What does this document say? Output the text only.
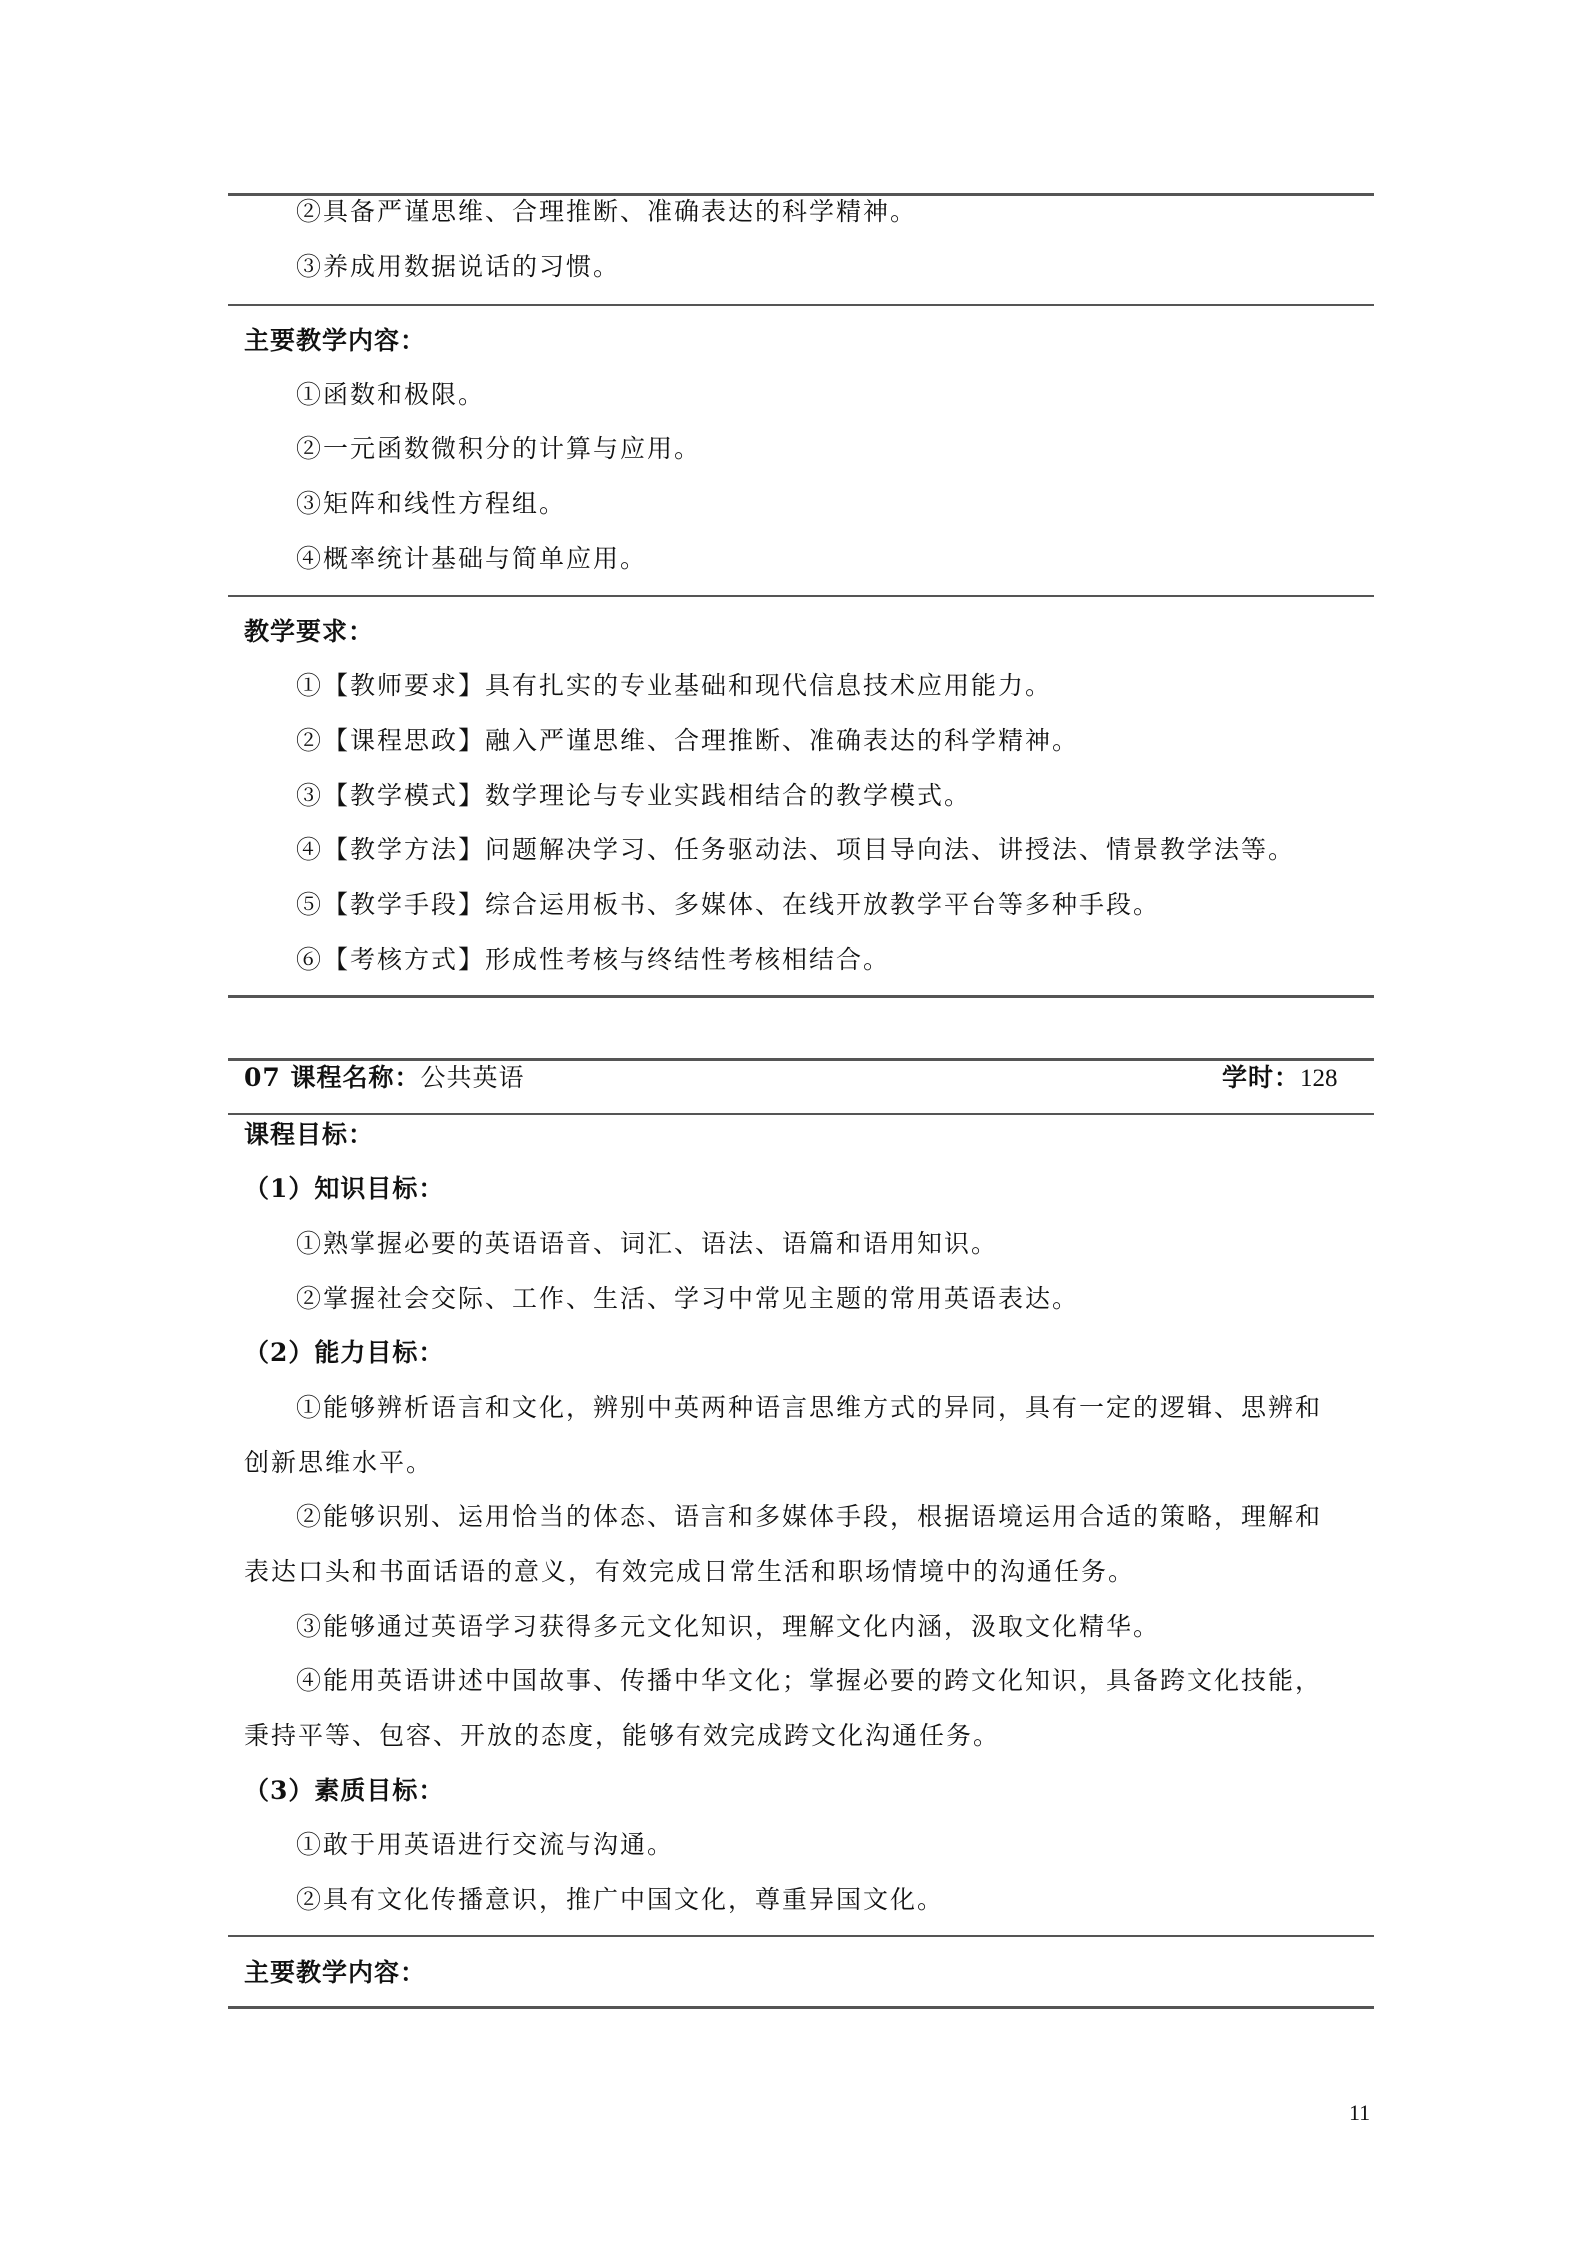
②具备严谨思维、合理推断、准确表达的科学精神。
③养成用数据说话的习惯。
主要教学内容：
①函数和极限。
②一元函数微积分的计算与应用。
③矩阵和线性方程组。
④概率统计基础与简单应用。
教学要求：
①【教师要求】具有扎实的专业基础和现代信息技术应用能力。
②【课程思政】融入严谨思维、合理推断、准确表达的科学精神。
③【教学模式】数学理论与专业实践相结合的教学模式。
④【教学方法】问题解决学习、任务驱动法、项目导向法、讲授法、情景教学法等。
⑤【教学手段】综合运用板书、多媒体、在线开放教学平台等多种手段。
⑥【考核方式】形成性考核与终结性考核相结合。
07 课程名称：公共英语	学时：128
课程目标：
（1）知识目标：
①熟掌握必要的英语语音、词汇、语法、语篇和语用知识。
②掌握社会交际、工作、生活、学习中常见主题的常用英语表达。
（2）能力目标：
①能够辨析语言和文化，辨别中英两种语言思维方式的异同，具有一定的逻辑、思辨和
创新思维水平。
②能够识别、运用恰当的体态、语言和多媒体手段，根据语境运用合适的策略，理解和
表达口头和书面话语的意义，有效完成日常生活和职场情境中的沟通任务。
③能够通过英语学习获得多元文化知识，理解文化内涵，汲取文化精华。
④能用英语讲述中国故事、传播中华文化；掌握必要的跨文化知识，具备跨文化技能，
秉持平等、包容、开放的态度，能够有效完成跨文化沟通任务。
（3）素质目标：
①敢于用英语进行交流与沟通。
②具有文化传播意识，推广中国文化，尊重异国文化。
主要教学内容：
11
